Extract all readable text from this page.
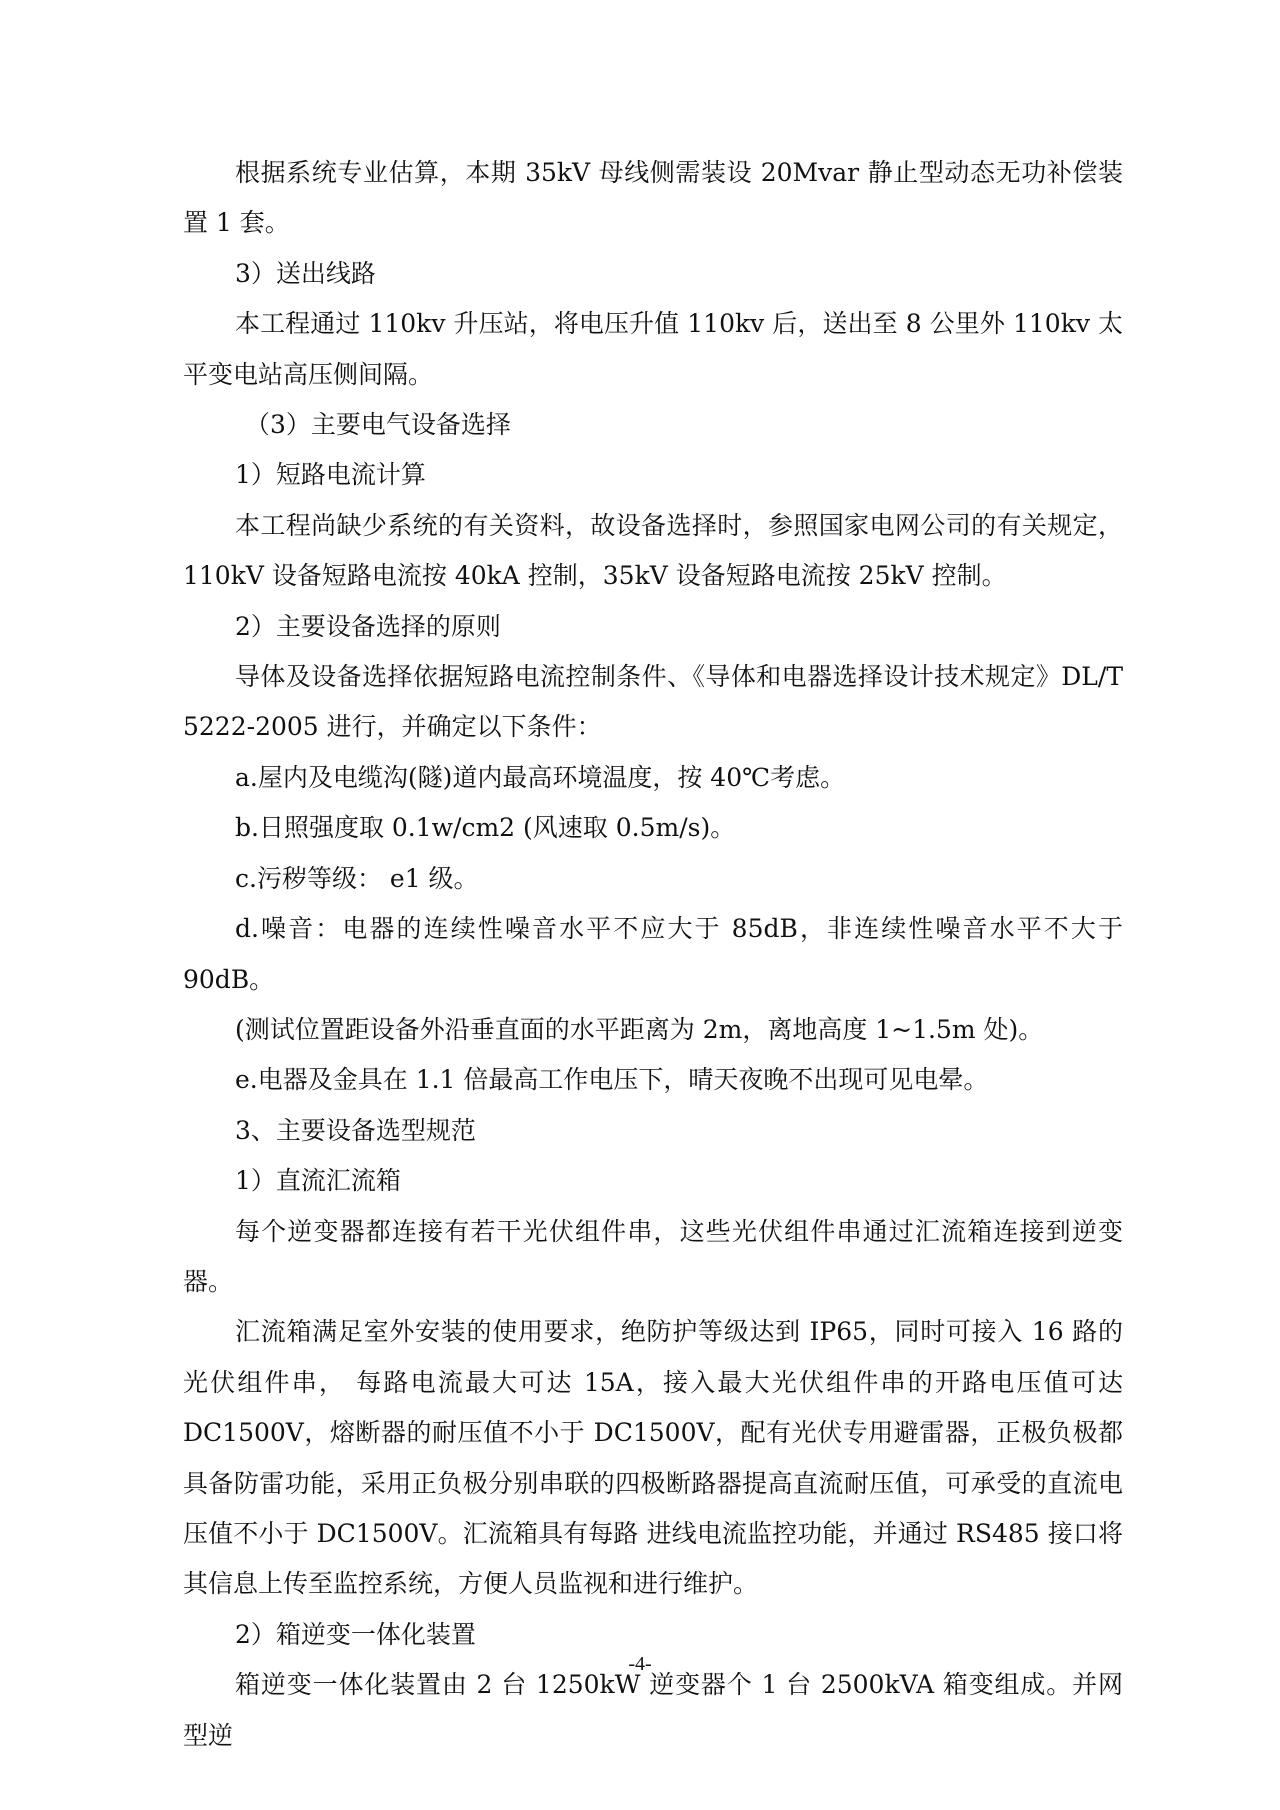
根据系统专业估算，本期 35kV 母线侧需装设 20Mvar 静止型动态无功补偿装置 1 套。

3）送出线路

本工程通过 110kv 升压站，将电压升值 110kv 后，送出至 8 公里外 110kv 太平变电站高压侧间隔。

（3）主要电气设备选择

1）短路电流计算

本工程尚缺少系统的有关资料，故设备选择时，参照国家电网公司的有关规定，110kV 设备短路电流按 40kA 控制，35kV 设备短路电流按 25kV 控制。

2）主要设备选择的原则

导体及设备选择依据短路电流控制条件、《导体和电器选择设计技术规定》DL/T 5222-2005 进行，并确定以下条件：

a.屋内及电缆沟(隧)道内最高环境温度，按 40℃考虑。

b.日照强度取 0.1w/cm2 (风速取 0.5m/s)。

c.污秽等级： e1 级。

d.噪音：电器的连续性噪音水平不应大于 85dB，非连续性噪音水平不大于 90dB。

(测试位置距设备外沿垂直面的水平距离为 2m，离地高度 1~1.5m 处)。

e.电器及金具在 1.1 倍最高工作电压下，晴天夜晚不出现可见电晕。

3、主要设备选型规范

1）直流汇流箱

每个逆变器都连接有若干光伏组件串，这些光伏组件串通过汇流箱连接到逆变器。

汇流箱满足室外安装的使用要求，绝防护等级达到 IP65，同时可接入 16 路的光伏组件串， 每路电流最大可达 15A，接入最大光伏组件串的开路电压值可达 DC1500V，熔断器的耐压值不小于 DC1500V，配有光伏专用避雷器，正极负极都具备防雷功能，采用正负极分别串联的四极断路器提高直流耐压值，可承受的直流电压值不小于 DC1500V。汇流箱具有每路 进线电流监控功能，并通过 RS485 接口将其信息上传至监控系统，方便人员监视和进行维护。

2）箱逆变一体化装置

箱逆变一体化装置由 2 台 1250kW 逆变器个 1 台 2500kVA 箱变组成。并网型逆

-4-
